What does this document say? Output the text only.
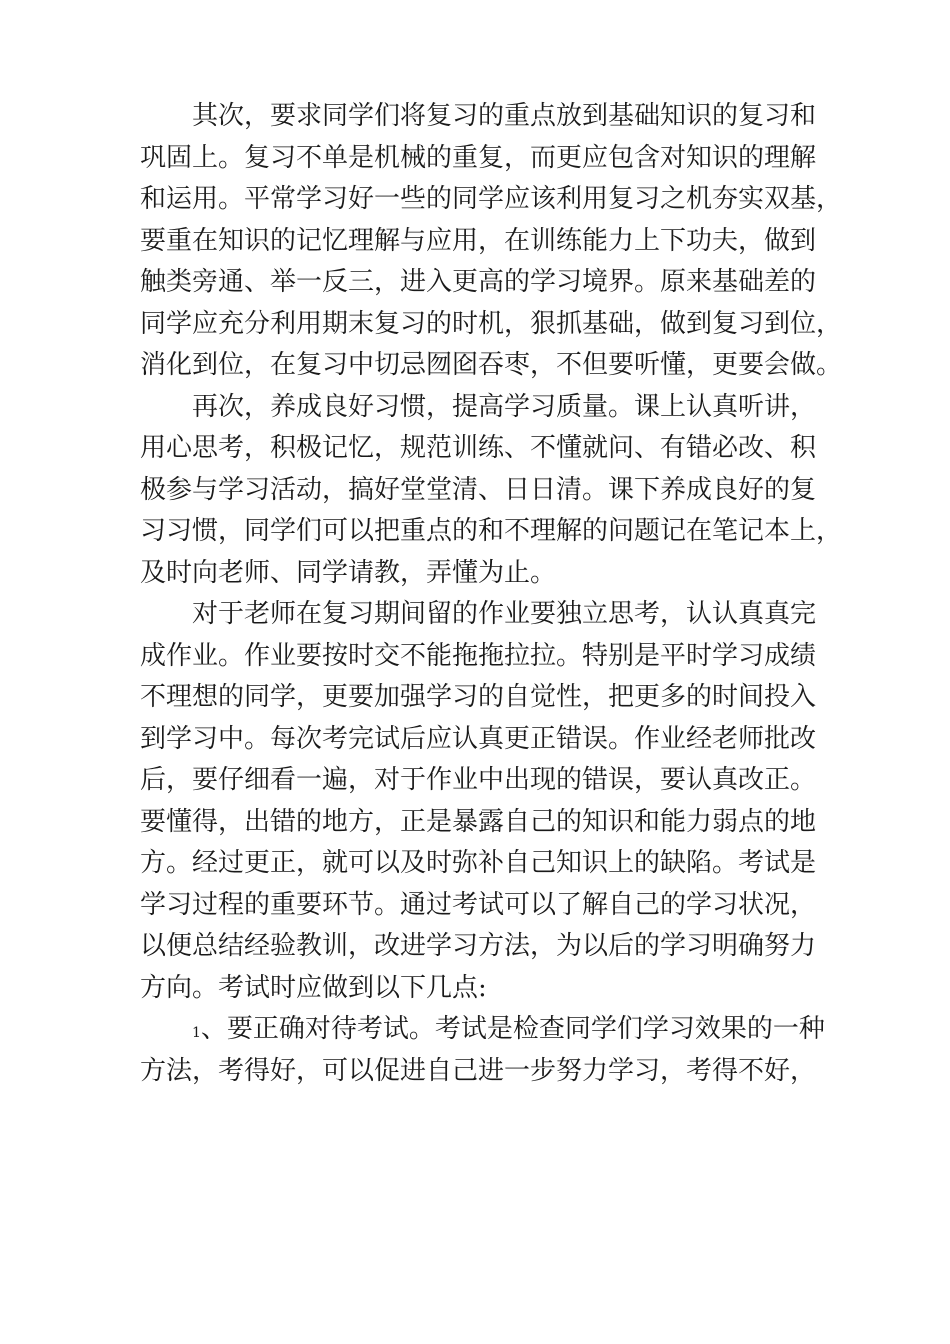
其次，要求同学们将复习的重点放到基础知识的复习和
巩固上。复习不单是机械的重复，而更应包含对知识的理解
和运用。平常学习好一些的同学应该利用复习之机夯实双基，
要重在知识的记忆理解与应用，在训练能力上下功夫，做到
触类旁通、举一反三，进入更高的学习境界。原来基础差的
同学应充分利用期末复习的时机，狠抓基础，做到复习到位，
消化到位，在复习中切忌囫囵吞枣，不但要听懂，更要会做。
再次，养成良好习惯，提高学习质量。课上认真听讲，
用心思考，积极记忆，规范训练、不懂就问、有错必改、积
极参与学习活动，搞好堂堂清、日日清。课下养成良好的复
习习惯，同学们可以把重点的和不理解的问题记在笔记本上，
及时向老师、同学请教，弄懂为止。
对于老师在复习期间留的作业要独立思考，认认真真完
成作业。作业要按时交不能拖拖拉拉。特别是平时学习成绩
不理想的同学，更要加强学习的自觉性，把更多的时间投入
到学习中。每次考完试后应认真更正错误。作业经老师批改
后，要仔细看一遍，对于作业中出现的错误，要认真改正。
要懂得，出错的地方，正是暴露自己的知识和能力弱点的地
方。经过更正，就可以及时弥补自己知识上的缺陷。考试是
学习过程的重要环节。通过考试可以了解自己的学习状况，
以便总结经验教训，改进学习方法，为以后的学习明确努力
方向。考试时应做到以下几点:
1、要正确对待考试。考试是检查同学们学习效果的一种
方法，考得好，可以促进自己进一步努力学习，考得不好，
